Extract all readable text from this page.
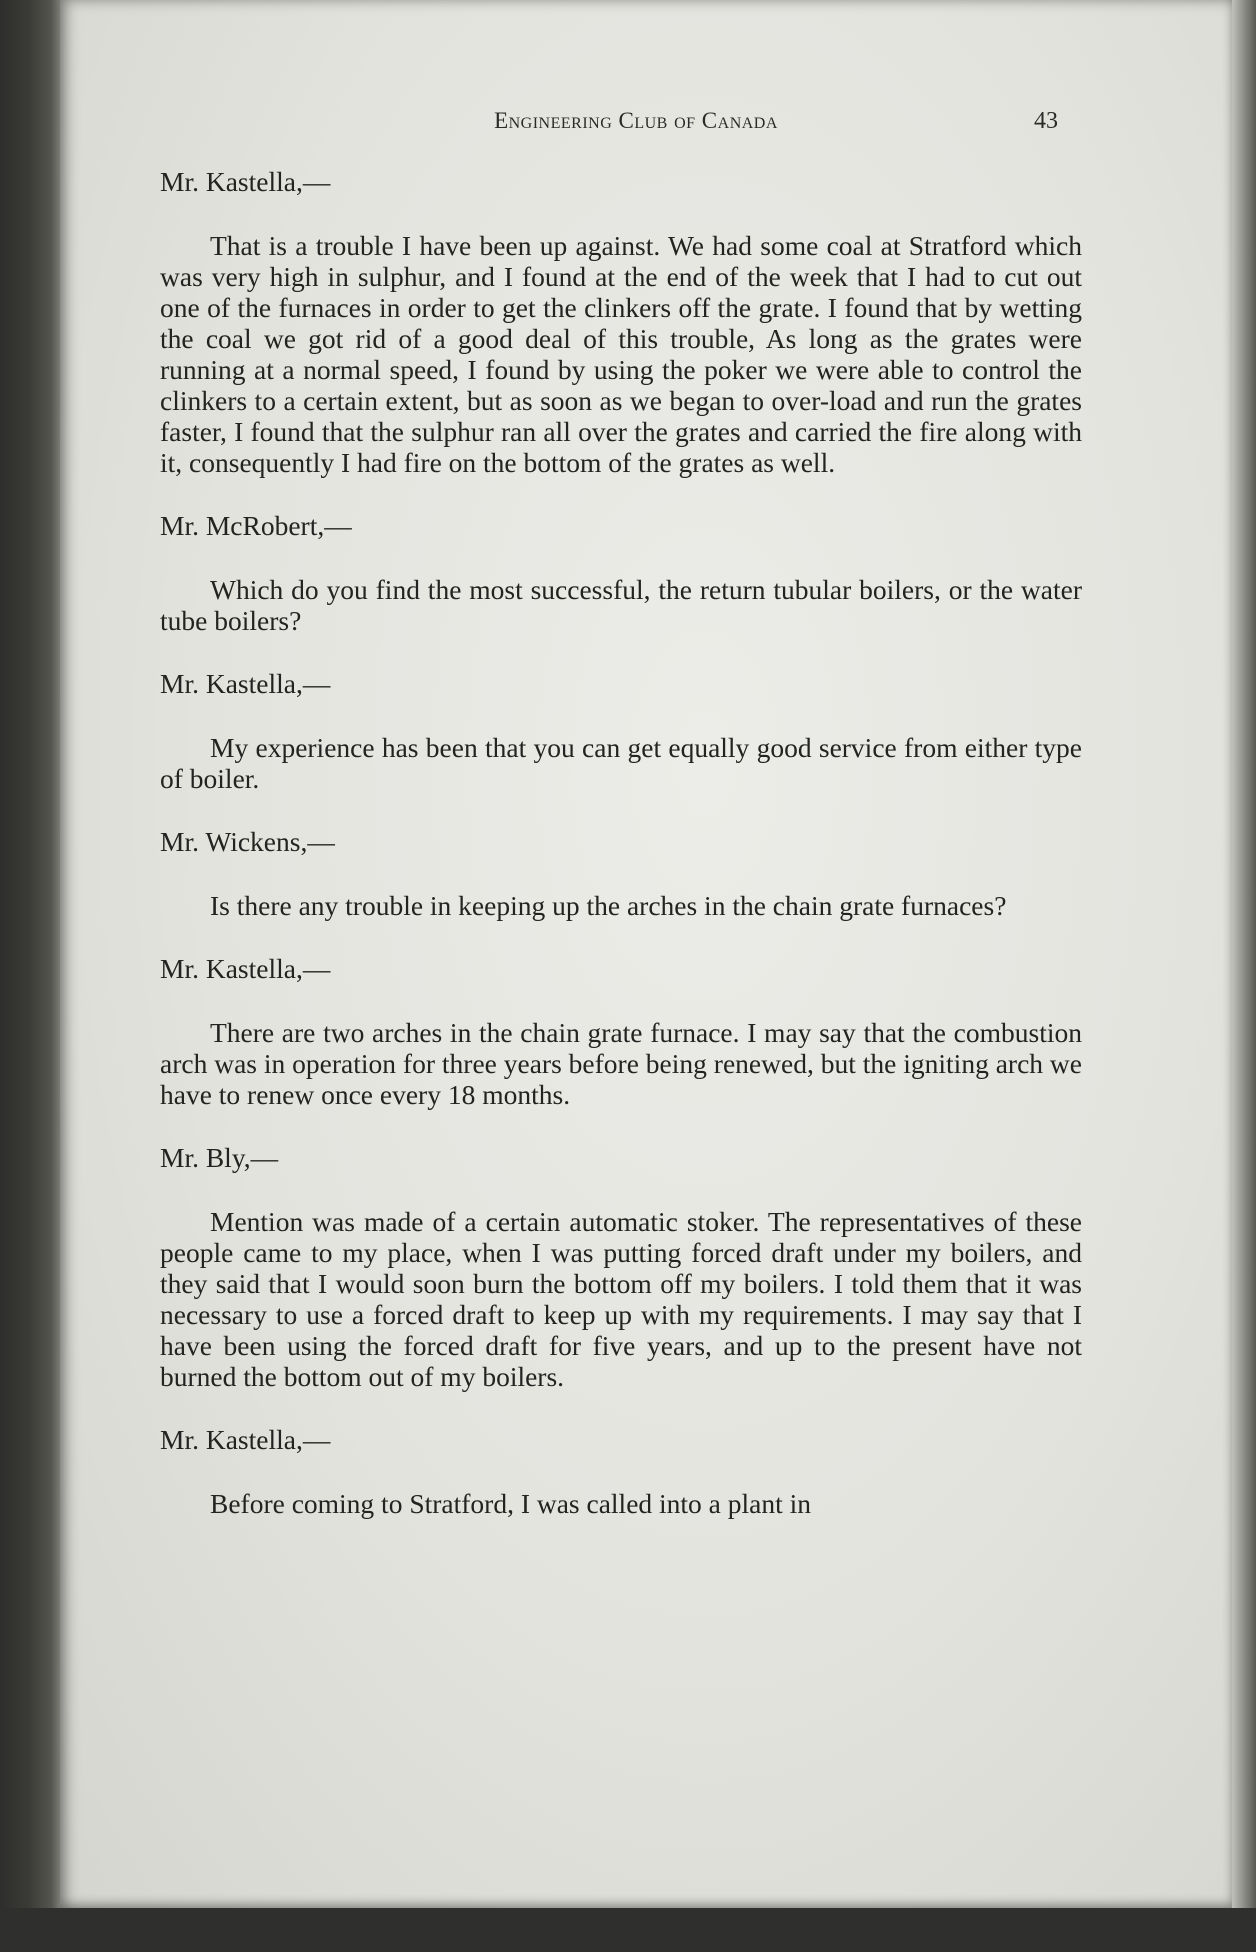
Engineering Club of Canada	43
Mr. Kastella,—

That is a trouble I have been up against. We had some coal at Stratford which was very high in sulphur, and I found at the end of the week that I had to cut out one of the furnaces in order to get the clinkers off the grate. I found that by wetting the coal we got rid of a good deal of this trouble, As long as the grates were running at a normal speed, I found by using the poker we were able to control the clinkers to a certain extent, but as soon as we began to over-load and run the grates faster, I found that the sulphur ran all over the grates and carried the fire along with it, consequently I had fire on the bottom of the grates as well.

Mr. McRobert,—

Which do you find the most successful, the return tubular boilers, or the water tube boilers?

Mr. Kastella,—

My experience has been that you can get equally good service from either type of boiler.

Mr. Wickens,—

Is there any trouble in keeping up the arches in the chain grate furnaces?

Mr. Kastella,—

There are two arches in the chain grate furnace. I may say that the combustion arch was in operation for three years before being renewed, but the igniting arch we have to renew once every 18 months.

Mr. Bly,—

Mention was made of a certain automatic stoker. The representatives of these people came to my place, when I was putting forced draft under my boilers, and they said that I would soon burn the bottom off my boilers. I told them that it was necessary to use a forced draft to keep up with my requirements. I may say that I have been using the forced draft for five years, and up to the present have not burned the bottom out of my boilers.

Mr. Kastella,—

Before coming to Stratford, I was called into a plant in
